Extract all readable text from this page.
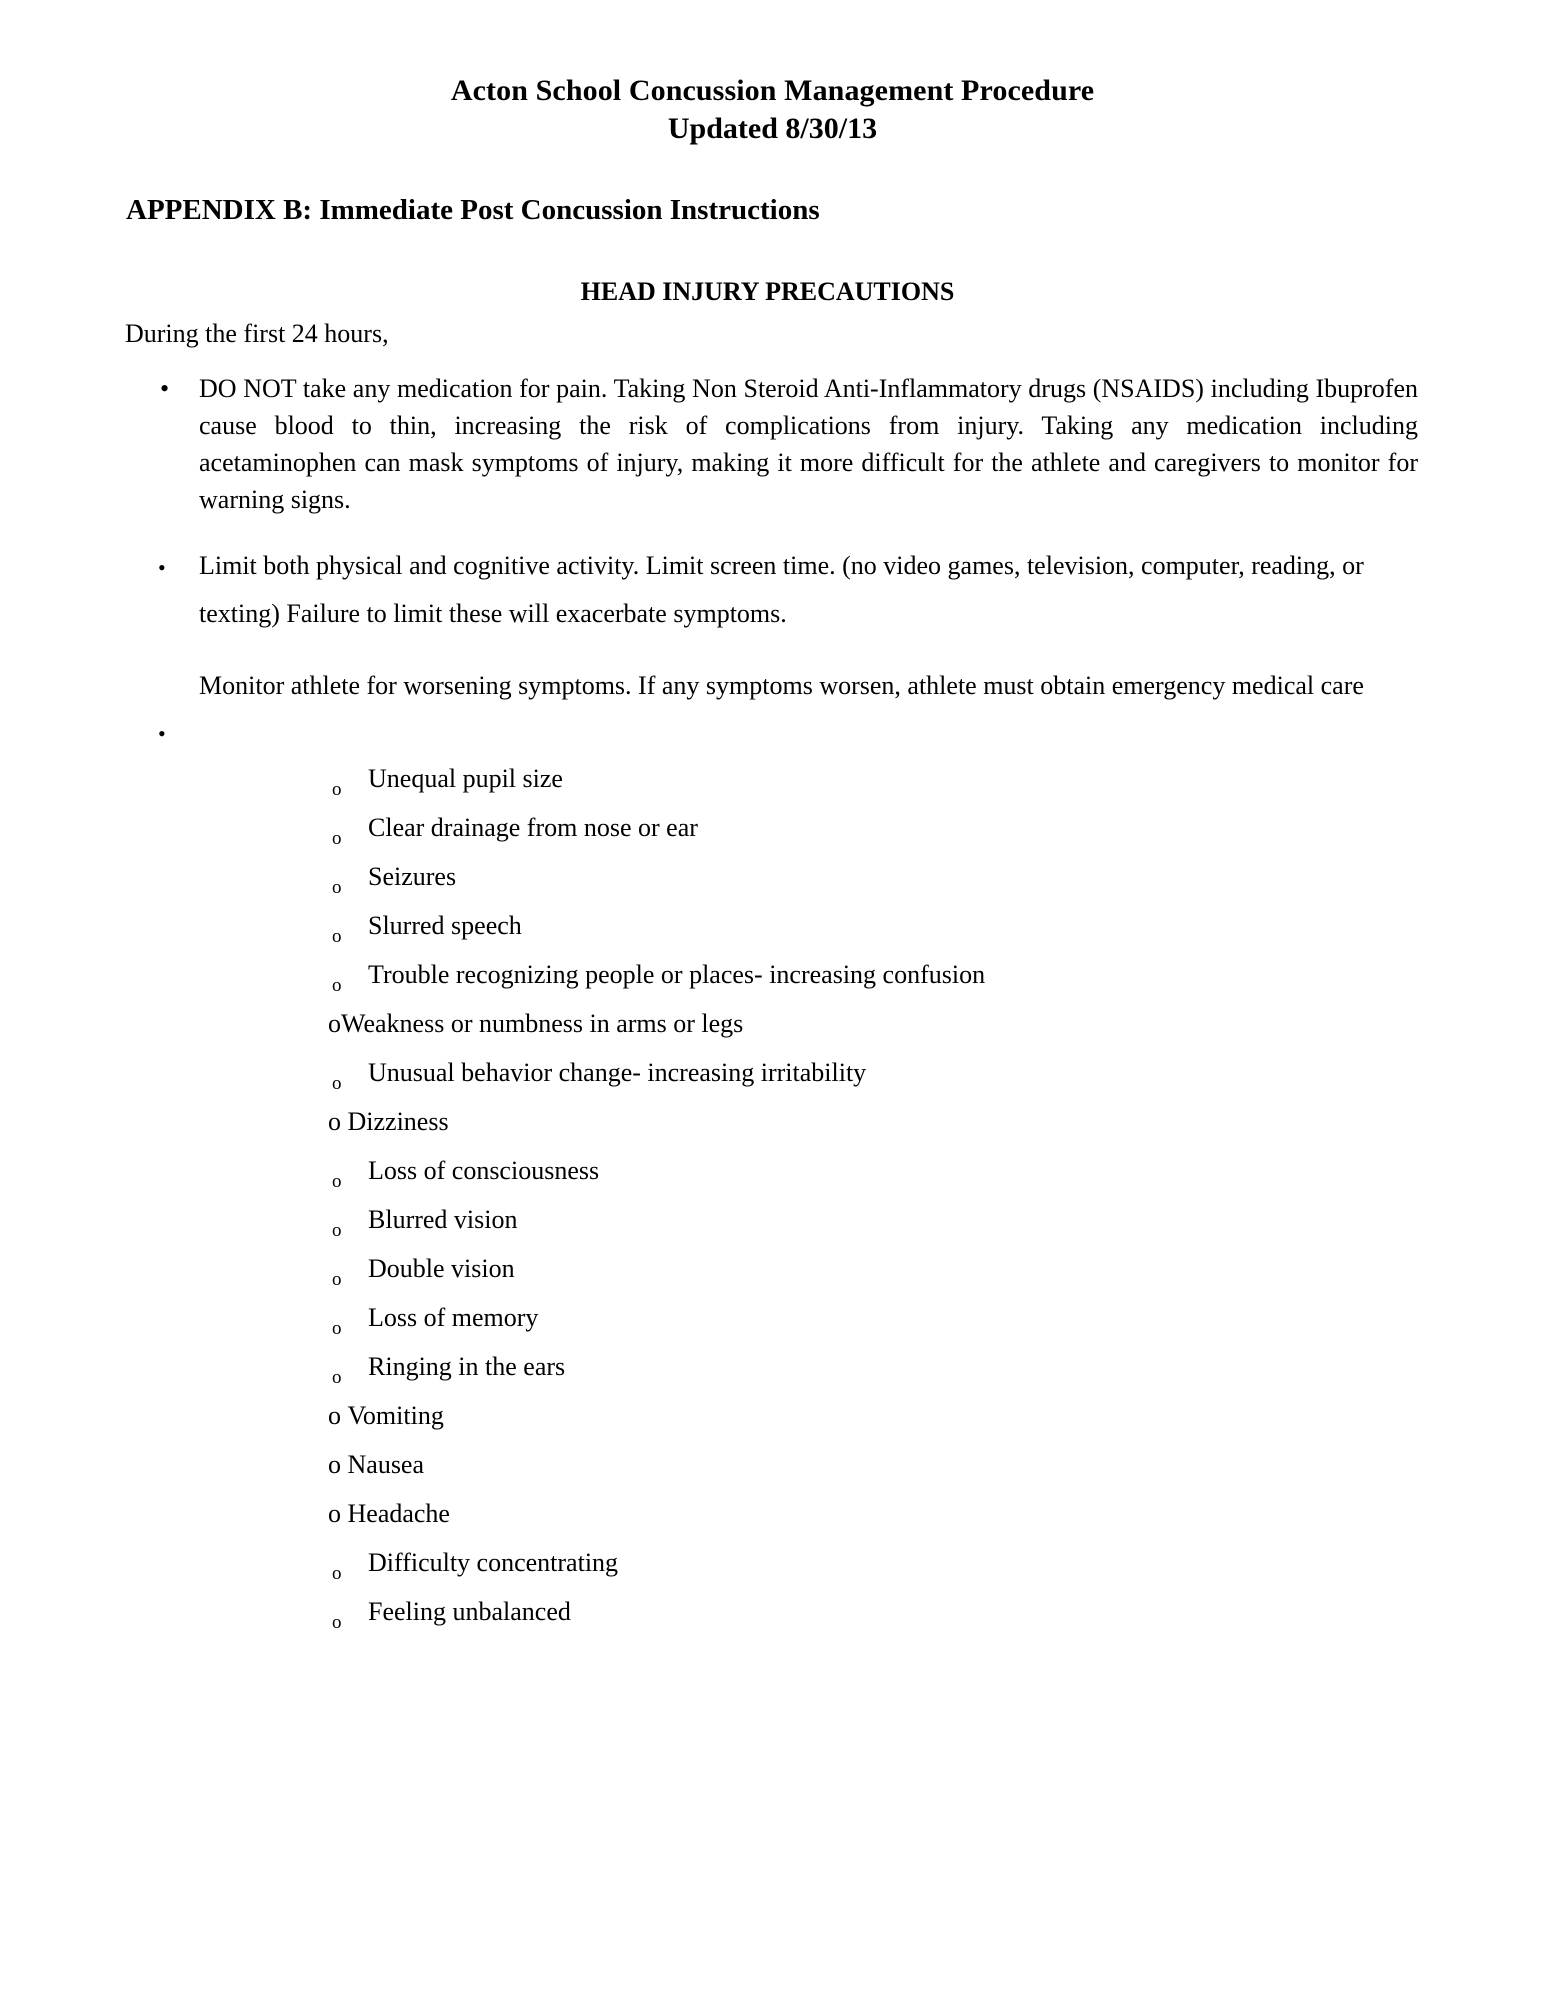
Acton School Concussion Management Procedure
Updated 8/30/13
APPENDIX B: Immediate Post Concussion Instructions
HEAD INJURY PRECAUTIONS

During the first 24 hours,

• DO NOT take any medication for pain. Taking Non Steroid Anti-Inflammatory drugs (NSAIDS) including Ibuprofen cause blood to thin, increasing the risk of complications from injury. Taking any medication including acetaminophen can mask symptoms of injury, making it more difficult for the athlete and caregivers to monitor for warning signs.
• Limit both physical and cognitive activity. Limit screen time. (no video games, television, computer, reading, or texting) Failure to limit these will exacerbate symptoms.
•
Monitor athlete for worsening symptoms. If any symptoms worsen, athlete must obtain emergency medical care
o Unequal pupil size
o Clear drainage from nose or ear
o Seizures
o Slurred speech
o Trouble recognizing people or places- increasing confusion
oWeakness or numbness in arms or legs
o Unusual behavior change- increasing irritability
o Dizziness
o Loss of consciousness
o Blurred vision
o Double vision
o Loss of memory
o Ringing in the ears
o Vomiting
o Nausea
o Headache
o Difficulty concentrating
o Feeling unbalanced
